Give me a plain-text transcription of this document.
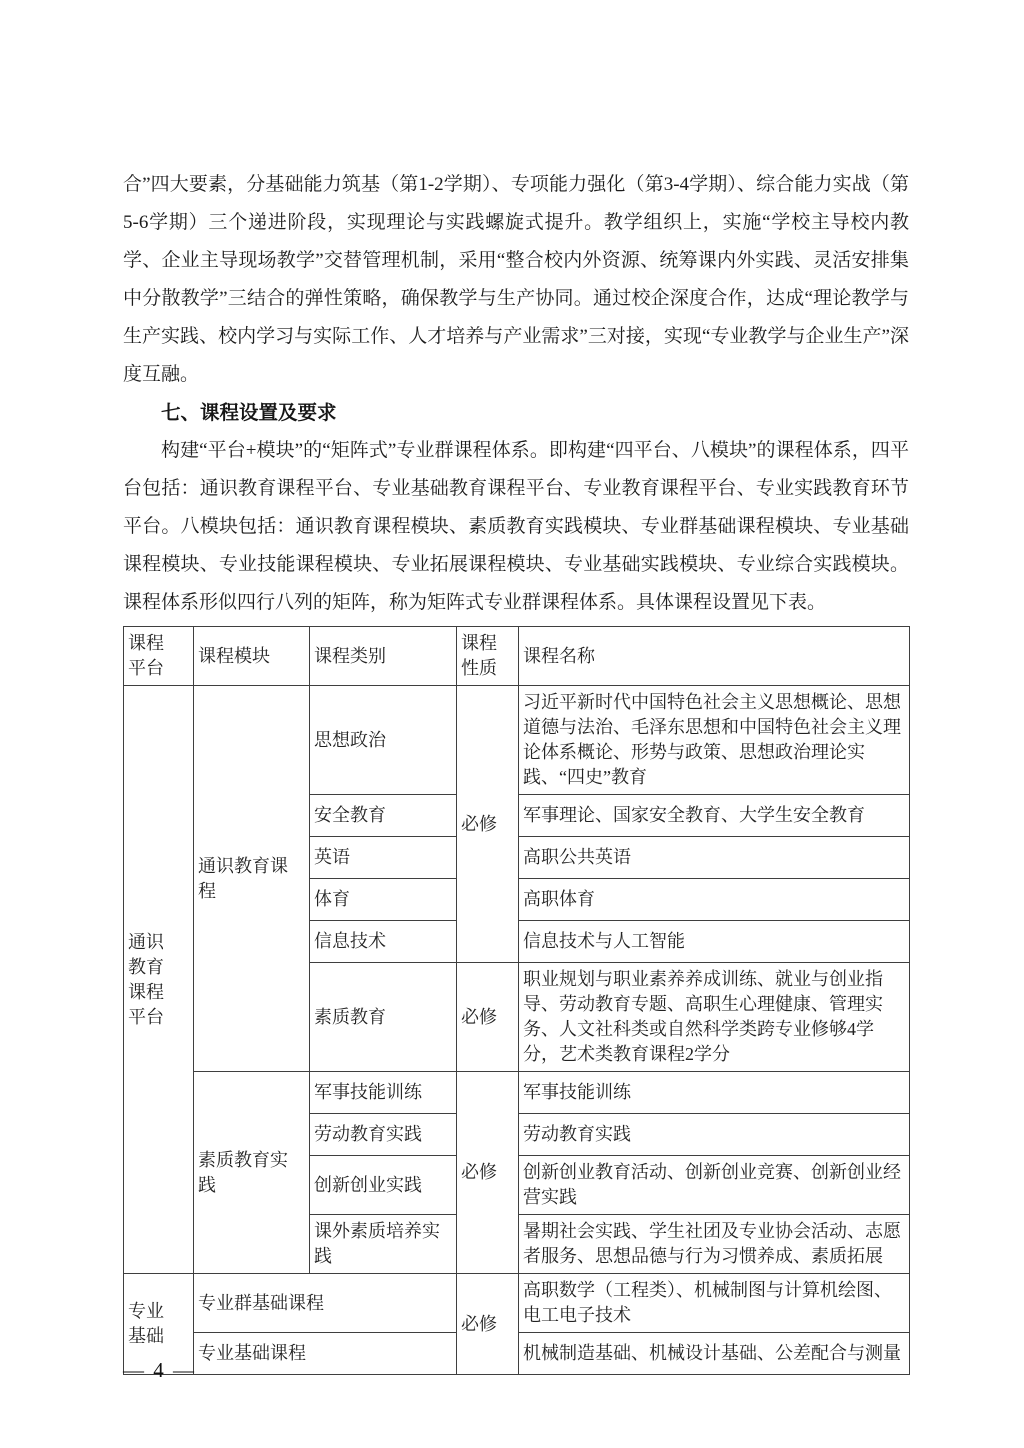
合”四大要素，分基础能力筑基（第1-2学期）、专项能力强化（第3-4学期）、综合能力实战（第5-6学期）三个递进阶段，实现理论与实践螺旋式提升。教学组织上，实施“学校主导校内教学、企业主导现场教学”交替管理机制，采用“整合校内外资源、统筹课内外实践、灵活安排集中分散教学”三结合的弹性策略，确保教学与生产协同。通过校企深度合作，达成“理论教学与生产实践、校内学习与实际工作、人才培养与产业需求”三对接，实现“专业教学与企业生产”深度互融。

七、课程设置及要求

构建“平台+模块”的“矩阵式”专业群课程体系。即构建“四平台、八模块”的课程体系，四平台包括：通识教育课程平台、专业基础教育课程平台、专业教育课程平台、专业实践教育环节平台。八模块包括：通识教育课程模块、素质教育实践模块、专业群基础课程模块、专业基础课程模块、专业技能课程模块、专业拓展课程模块、专业基础实践模块、专业综合实践模块。课程体系形似四行八列的矩阵，称为矩阵式专业群课程体系。具体课程设置见下表。

课程平台	课程模块	课程类别	课程性质	课程名称
通识教育课程平台	通识教育课程	思想政治	必修	习近平新时代中国特色社会主义思想概论、思想道德与法治、毛泽东思想和中国特色社会主义理论体系概论、形势与政策、思想政治理论实践、“四史”教育
		安全教育		军事理论、国家安全教育、大学生安全教育
		英语		高职公共英语
		体育		高职体育
		信息技术		信息技术与人工智能
		素质教育	必修	职业规划与职业素养养成训练、就业与创业指导、劳动教育专题、高职生心理健康、管理实务、人文社科类或自然科学类跨专业修够4学分，艺术类教育课程2学分
	素质教育实践	军事技能训练	必修	军事技能训练
		劳动教育实践		劳动教育实践
		创新创业实践		创新创业教育活动、创新创业竞赛、创新创业经营实践
		课外素质培养实践		暑期社会实践、学生社团及专业协会活动、志愿者服务、思想品德与行为习惯养成、素质拓展
专业基础	专业群基础课程		必修	高职数学（工程类）、机械制图与计算机绘图、电工电子技术
	专业基础课程			机械制造基础、机械设计基础、公差配合与测量
— 4 —
